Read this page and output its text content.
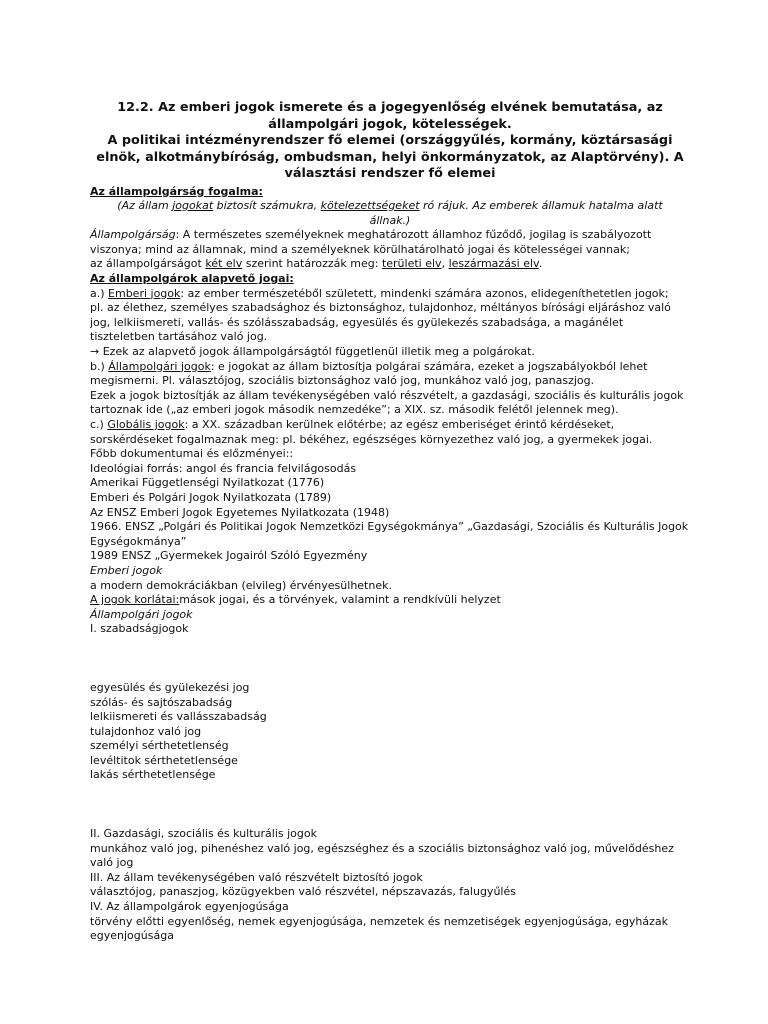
12.2. Az emberi jogok ismerete és a jogegyenlőség elvének bemutatása, az állampolgári jogok, kötelességek.
A politikai intézményrendszer fő elemei (országgyűlés, kormány, köztársasági elnök, alkotmánybíróság, ombudsman, helyi önkormányzatok, az Alaptörvény). A választási rendszer fő elemei
Az állampolgárság fogalma:
(Az állam jogokat biztosít számukra, kötelezettségeket ró rájuk. Az emberek államuk hatalma alatt állnak.)
Állampolgárság: A természetes személyeknek meghatározott államhoz fűződő, jogilag is szabályozott viszonya; mind az államnak, mind a személyeknek körülhatárolható jogai és kötelességei vannak;
az állampolgárságot két elv szerint határozzák meg: területi elv, leszármazási elv.
Az állampolgárok alapvető jogai:
a.) Emberi jogok: az ember természetéből született, mindenki számára azonos, elidegeníthetetlen jogok;
pl. az élethez, személyes szabadsághoz és biztonsághoz, tulajdonhoz, méltányos bírósági eljáráshoz való jog, lelkiismereti, vallás- és szólásszabadság, egyesülés és gyülekezés szabadsága, a magánélet tiszteletben tartásához való jog.
→ Ezek az alapvető jogok állampolgárságtól függetlenül illetik meg a polgárokat.
b.) Állampolgári jogok: e jogokat az állam biztosítja polgárai számára, ezeket a jogszabályokból lehet megismerni. Pl. választójog, szociális biztonsághoz való jog, munkához való jog, panaszjog.
Ezek a jogok biztosítják az állam tevékenységében való részvételt, a gazdasági, szociális és kulturális jogok tartoznak ide („az emberi jogok második nemzedéke”; a XIX. sz. második felétől jelennek meg).
c.) Globális jogok: a XX. században kerülnek előtérbe; az egész emberiséget érintő kérdéseket, sorskérdéseket fogalmaznak meg: pl. békéhez, egészséges környezethez való jog, a gyermekek jogai.
Főbb dokumentumai és előzményei::
Ideológiai forrás: angol és francia felvilágosodás
Amerikai Függetlenségi Nyilatkozat (1776)
Emberi és Polgári Jogok Nyilatkozata (1789)
Az ENSZ Emberi Jogok Egyetemes Nyilatkozata (1948)
1966. ENSZ „Polgári és Politikai Jogok Nemzetközi Egységokmánya” „Gazdasági, Szociális és Kulturális Jogok Egységokmánya”
1989 ENSZ „Gyermekek Jogairól Szóló Egyezmény
Emberi jogok
a modern demokráciákban (elvileg) érvényesülhetnek.
A jogok korlátai:mások jogai, és a törvények, valamint a rendkívüli helyzet
Állampolgári jogok
I. szabadságjogok
egyesülés és gyülekezési jog
szólás- és sajtószabadság
lelkiismereti és vallásszabadság
tulajdonhoz való jog
személyi sérthetetlenség
levéltitok sérthetetlensége
lakás sérthetetlensége
II. Gazdasági, szociális és kulturális jogok
munkához való jog, pihenéshez való jog, egészséghez és a szociális biztonsághoz való jog, művelődéshez való jog
III. Az állam tevékenységében való részvételt biztosító jogok
választójog, panaszjog, közügyekben való részvétel, népszavazás, falugyűlés
IV. Az állampolgárok egyenjogúsága
törvény előtti egyenlőség, nemek egyenjogúsága, nemzetek és nemzetiségek egyenjogúsága, egyházak egyenjogúsága
